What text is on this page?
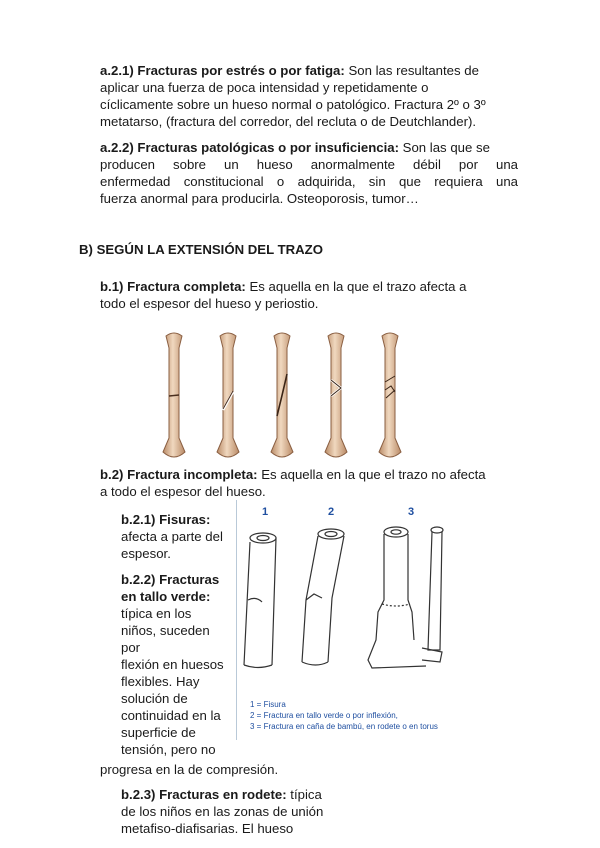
a.2.1) Fracturas por estrés o por fatiga: Son las resultantes de
aplicar una fuerza de poca intensidad y repetidamente o
cíclicamente sobre un hueso normal o patológico. Fractura 2º o 3º
metatarso, (fractura del corredor, del recluta o de Deutchlander).
a.2.2) Fracturas patológicas o por insuficiencia: Son las que se
producen sobre un hueso anormalmente débil por una
enfermedad constitucional o adquirida, sin que requiera una
fuerza anormal para producirla. Osteoporosis, tumor…
B) SEGÚN LA EXTENSIÓN DEL TRAZO
b.1) Fractura completa: Es aquella en la que el trazo afecta a
todo el espesor del hueso y periostio.
b.2) Fractura incompleta: Es aquella en la que el trazo no afecta
a todo el espesor del hueso.
b.2.1) Fisuras:
afecta a parte del
espesor.
b.2.2) Fracturas
en tallo verde:
típica en los
niños, suceden
por
flexión en huesos
flexibles. Hay
solución de
continuidad en la
superficie de
tensión, pero no
progresa en la de compresión.
1	2	3
1 = Fisura
2 = Fractura en tallo verde o por inflexión,
3 = Fractura en caña de bambú, en rodete o en torus
b.2.3) Fracturas en rodete: típica
de los niños en las zonas de unión
metafiso-diafisarias. El hueso
